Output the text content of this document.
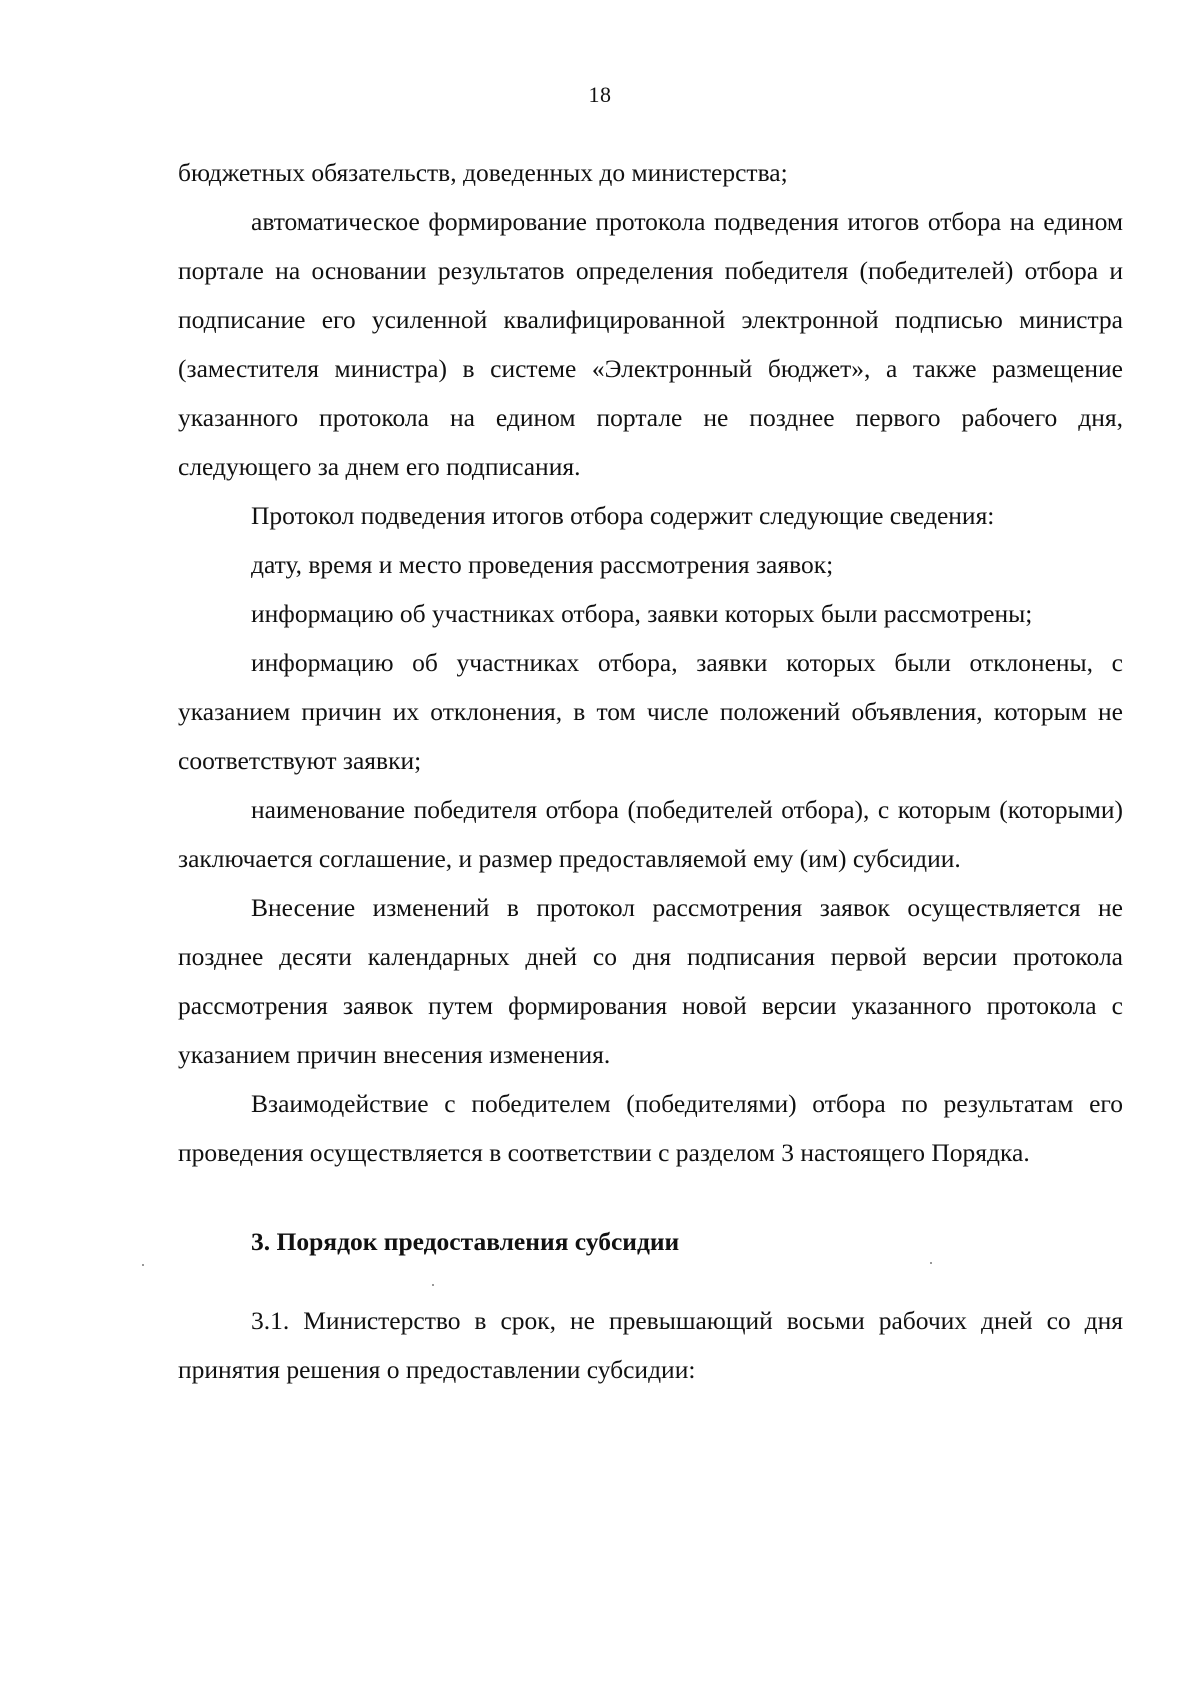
18

бюджетных обязательств, доведенных до министерства;

автоматическое формирование протокола подведения итогов отбора на едином портале на основании результатов определения победителя (победителей) отбора и подписание его усиленной квалифицированной электронной подписью министра (заместителя министра) в системе «Электронный бюджет», а также размещение указанного протокола на едином портале не позднее первого рабочего дня, следующего за днем его подписания.

Протокол подведения итогов отбора содержит следующие сведения:

дату, время и место проведения рассмотрения заявок;

информацию об участниках отбора, заявки которых были рассмотрены;

информацию об участниках отбора, заявки которых были отклонены, с указанием причин их отклонения, в том числе положений объявления, которым не соответствуют заявки;

наименование победителя отбора (победителей отбора), с которым (которыми) заключается соглашение, и размер предоставляемой ему (им) субсидии.

Внесение изменений в протокол рассмотрения заявок осуществляется не позднее десяти календарных дней со дня подписания первой версии протокола рассмотрения заявок путем формирования новой версии указанного протокола с указанием причин внесения изменения.

Взаимодействие с победителем (победителями) отбора по результатам его проведения осуществляется в соответствии с разделом 3 настоящего Порядка.

3. Порядок предоставления субсидии

3.1. Министерство в срок, не превышающий восьми рабочих дней со дня принятия решения о предоставлении субсидии:
